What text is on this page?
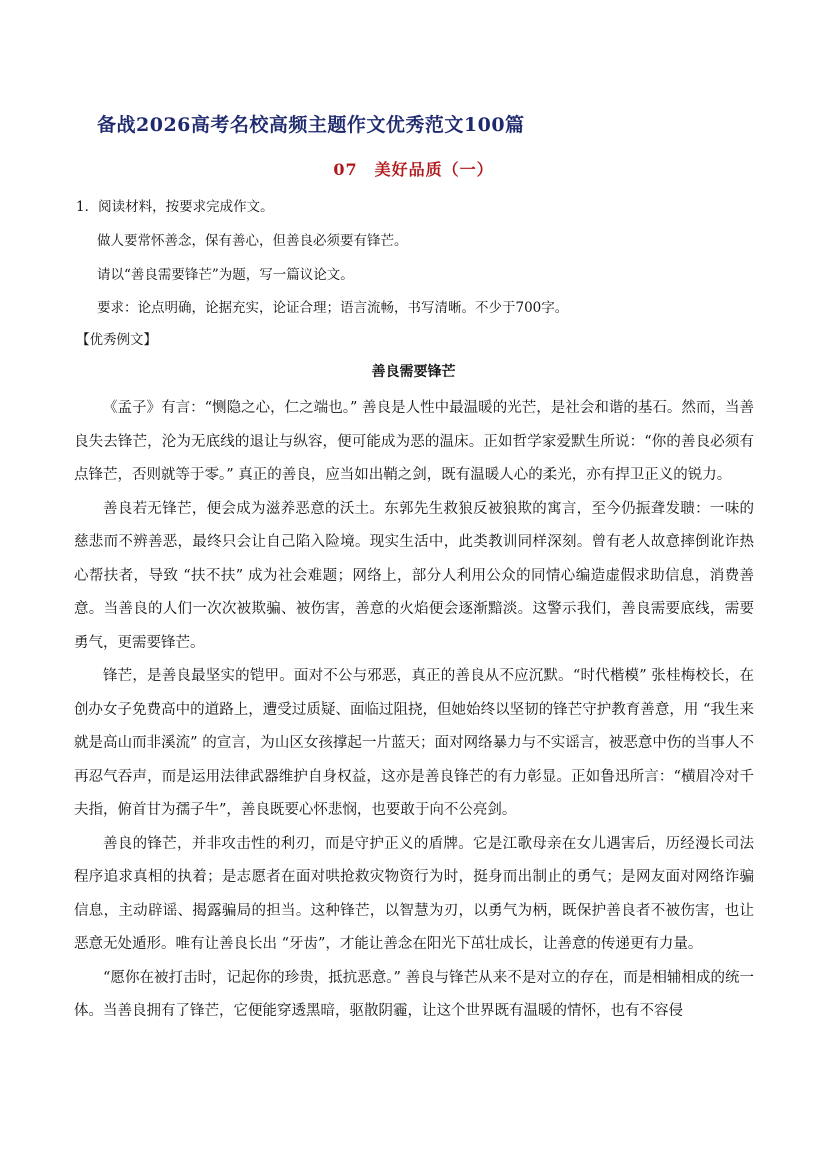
备战2026高考名校高频主题作文优秀范文100篇
07　美好品质（一）
1．阅读材料，按要求完成作文。
做人要常怀善念，保有善心，但善良必须要有锋芒。
请以“善良需要锋芒”为题，写一篇议论文。
要求：论点明确，论据充实，论证合理；语言流畅，书写清晰。不少于700字。
【优秀例文】
善良需要锋芒

《孟子》有言：“恻隐之心，仁之端也。” 善良是人性中最温暖的光芒，是社会和谐的基石。然而，当善良失去锋芒，沦为无底线的退让与纵容，便可能成为恶的温床。正如哲学家爱默生所说：“你的善良必须有点锋芒，否则就等于零。” 真正的善良，应当如出鞘之剑，既有温暖人心的柔光，亦有捍卫正义的锐力。

善良若无锋芒，便会成为滋养恶意的沃土。东郭先生救狼反被狼欺的寓言，至今仍振聋发聩：一味的慈悲而不辨善恶，最终只会让自己陷入险境。现实生活中，此类教训同样深刻。曾有老人故意摔倒讹诈热心帮扶者，导致 “扶不扶” 成为社会难题；网络上，部分人利用公众的同情心编造虚假求助信息，消费善意。当善良的人们一次次被欺骗、被伤害，善意的火焰便会逐渐黯淡。这警示我们，善良需要底线，需要勇气，更需要锋芒。

锋芒，是善良最坚实的铠甲。面对不公与邪恶，真正的善良从不应沉默。“时代楷模” 张桂梅校长，在创办女子免费高中的道路上，遭受过质疑、面临过阻挠，但她始终以坚韧的锋芒守护教育善意，用 “我生来就是高山而非溪流” 的宣言，为山区女孩撑起一片蓝天；面对网络暴力与不实谣言，被恶意中伤的当事人不再忍气吞声，而是运用法律武器维护自身权益，这亦是善良锋芒的有力彰显。正如鲁迅所言：“横眉冷对千夫指，俯首甘为孺子牛”，善良既要心怀悲悯，也要敢于向不公亮剑。

善良的锋芒，并非攻击性的利刃，而是守护正义的盾牌。它是江歌母亲在女儿遇害后，历经漫长司法程序追求真相的执着；是志愿者在面对哄抢救灾物资行为时，挺身而出制止的勇气；是网友面对网络诈骗信息，主动辟谣、揭露骗局的担当。这种锋芒，以智慧为刃，以勇气为柄，既保护善良者不被伤害，也让恶意无处遁形。唯有让善良长出 “牙齿”，才能让善念在阳光下茁壮成长，让善意的传递更有力量。

“愿你在被打击时，记起你的珍贵，抵抗恶意。” 善良与锋芒从来不是对立的存在，而是相辅相成的统一体。当善良拥有了锋芒，它便能穿透黑暗，驱散阴霾，让这个世界既有温暖的情怀，也有不容侵
